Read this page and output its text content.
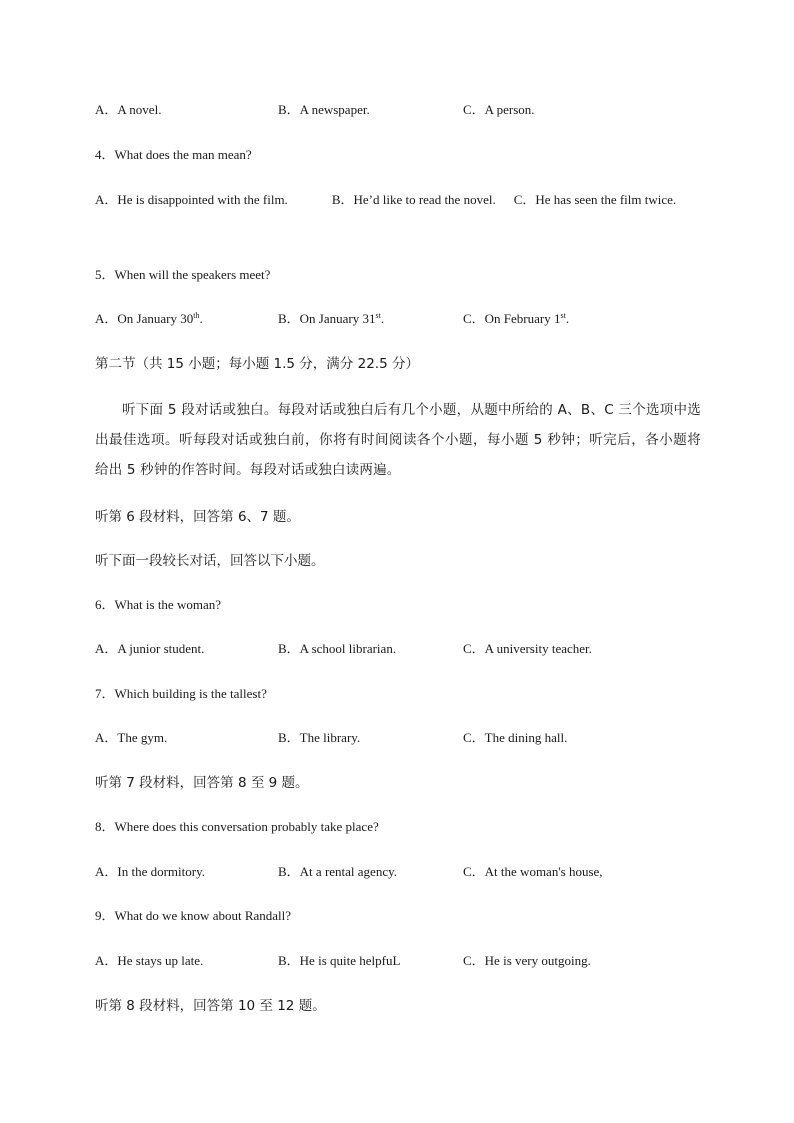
A．A novel.	B．A newspaper.	C．A person.
4．What does the man mean?
A．He is disappointed with the film.	B．He’d like to read the novel. C．He has seen the film twice.
5．When will the speakers meet?
A．On January 30th.	B．On January 31st.	C．On February 1st.
第二节（共 15 小题；每小题 1.5 分，满分 22.5 分）
听下面 5 段对话或独白。每段对话或独白后有几个小题，从题中所给的 A、B、C 三个选项中选出最佳选项。听每段对话或独白前，你将有时间阅读各个小题，每小题 5 秒钟；听完后，各小题将给出 5 秒钟的作答时间。每段对话或独白读两遍。
听第 6 段材料，回答第 6、7 题。
听下面一段较长对话，回答以下小题。
6．What is the woman?
A．A junior student.	B．A school librarian.	C．A university teacher.
7．Which building is the tallest?
A．The gym.	B．The library.	C．The dining hall.
听第 7 段材料，回答第 8 至 9 题。
8．Where does this conversation probably take place?
A．In the dormitory.	B．At a rental agency.	C．At the woman's house,
9．What do we know about Randall?
A．He stays up late.	B．He is quite helpfuL	C．He is very outgoing.
听第 8 段材料，回答第 10 至 12 题。
